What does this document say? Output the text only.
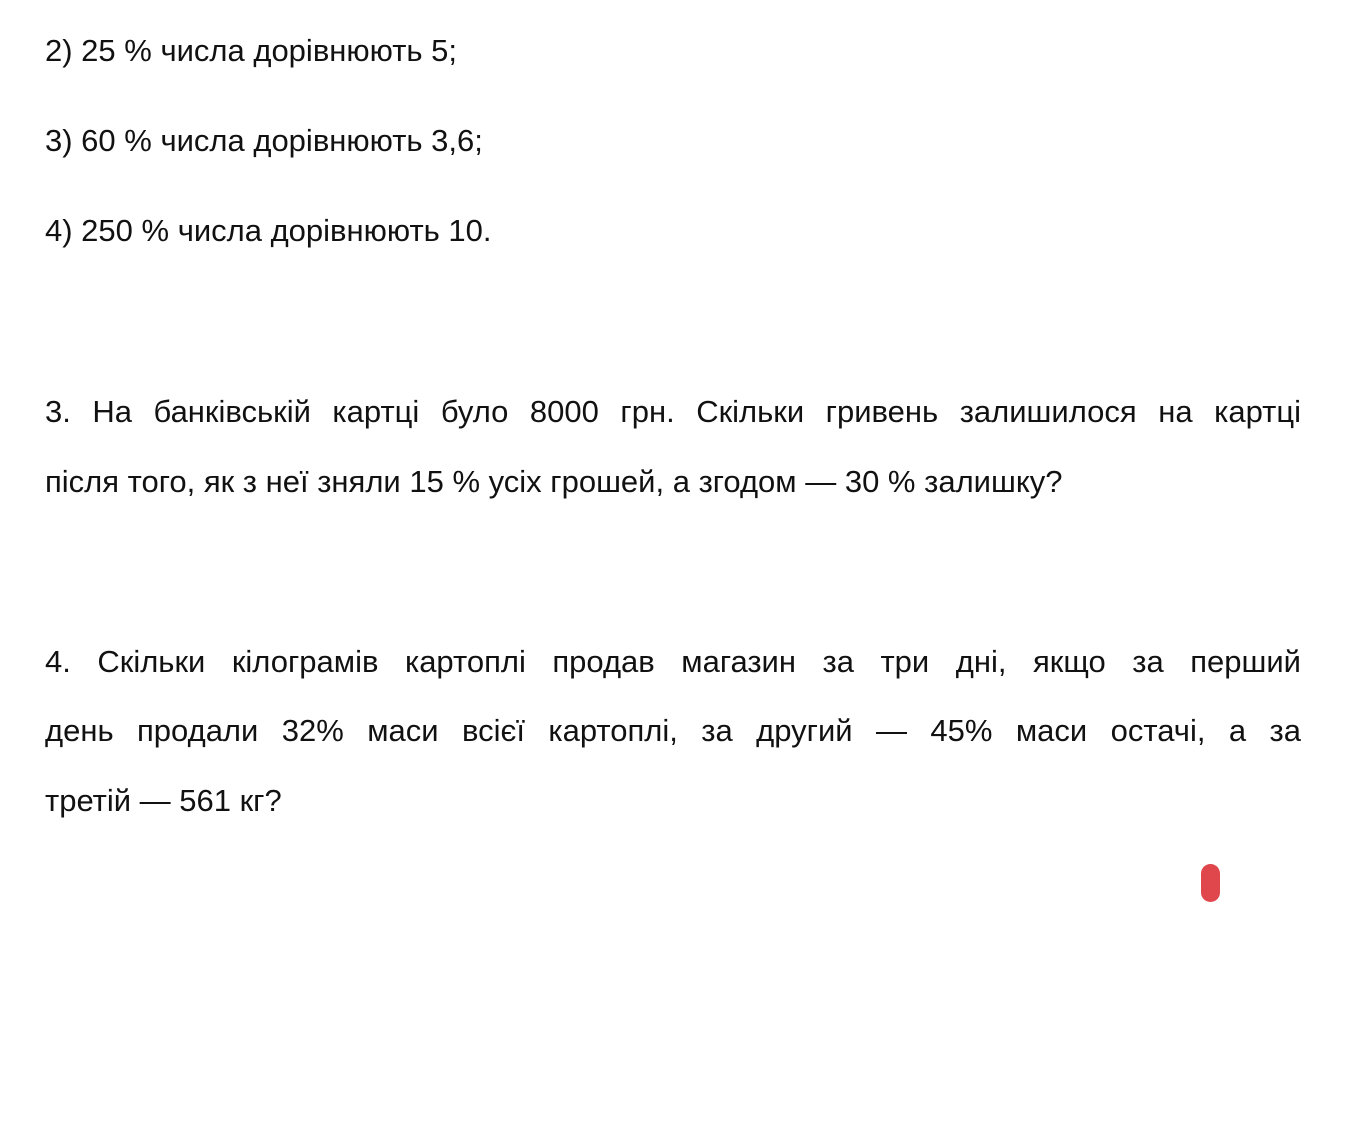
2) 25 % числа дорівнюють 5;
3) 60 % числа дорівнюють 3,6;
4) 250 % числа дорівнюють 10.
3. На банківській картці було 8000 грн. Скільки гривень залишилося на картці
після того, як з неї зняли 15 % усіх грошей, а згодом — 30 % залишку?
4. Скільки кілограмів картоплі продав магазин за три дні, якщо за перший
день продали 32% маси всієї картоплі, за другий — 45% маси остачі, а за
третій — 561 кг?
